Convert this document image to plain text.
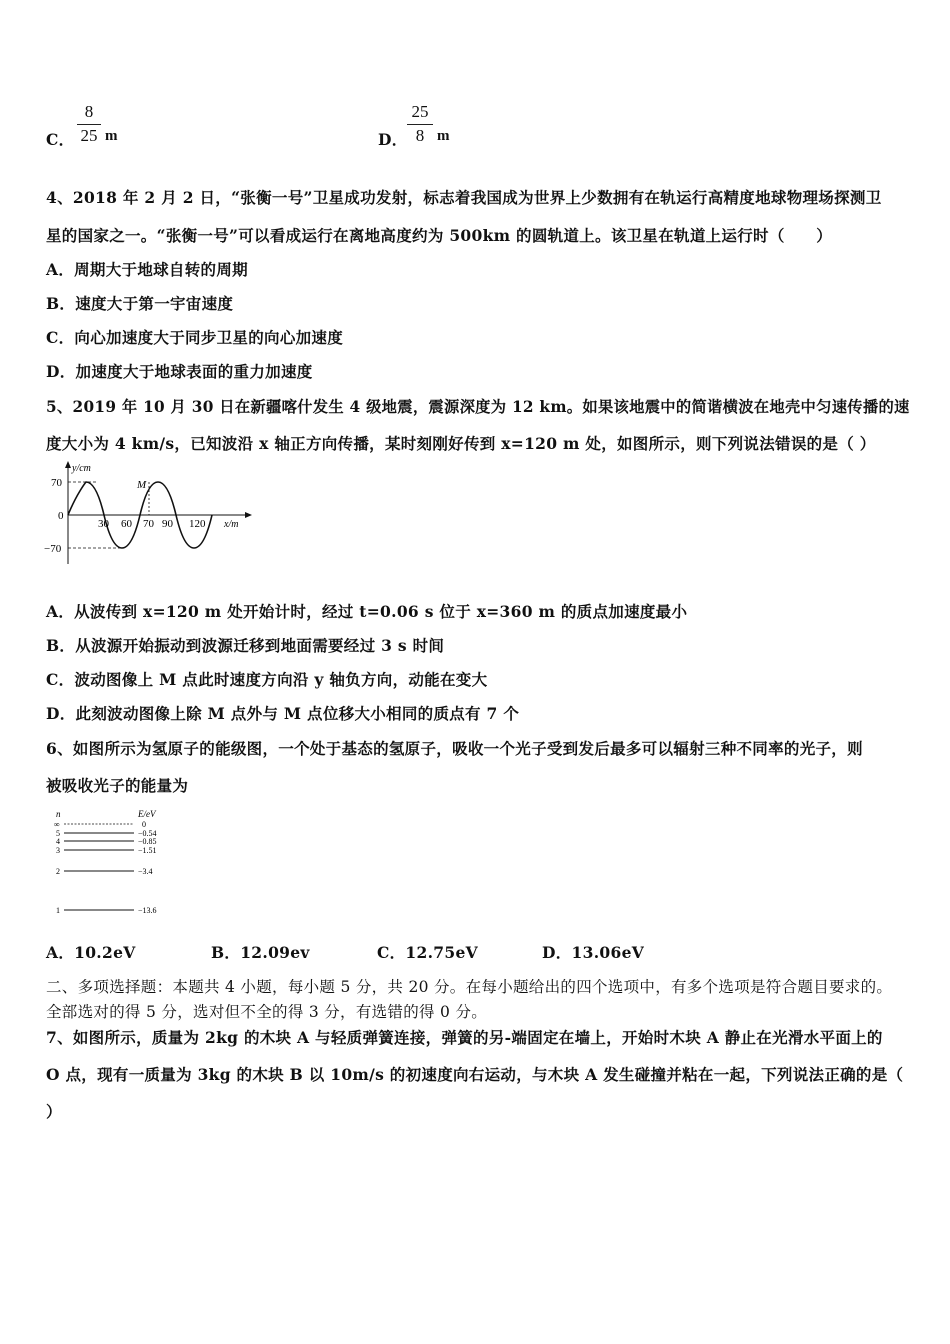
C．
8
25 m	D．
25
8 m
4、2018 年 2 月 2 日，“张衡一号”卫星成功发射，标志着我国成为世界上少数拥有在轨运行高精度地球物理场探测卫
星的国家之一。“张衡一号”可以看成运行在离地高度约为 500km 的圆轨道上。该卫星在轨道上运行时（　　）
A．周期大于地球自转的周期
B．速度大于第一宇宙速度
C．向心加速度大于同步卫星的向心加速度
D．加速度大于地球表面的重力加速度
5、2019 年 10 月 30 日在新疆喀什发生 4 级地震，震源深度为 12 km。如果该地震中的简谐横波在地壳中匀速传播的速
度大小为 4 km/s，已知波沿 x 轴正方向传播，某时刻刚好传到 x=120 m 处，如图所示，则下列说法错误的是（ ）
y/cm
70
0
−70
30 60 70 90 120 x/m
M
A．从波传到 x=120 m 处开始计时，经过 t=0.06 s 位于 x=360 m 的质点加速度最小
B．从波源开始振动到波源迁移到地面需要经过 3 s 时间
C．波动图像上 M 点此时速度方向沿 y 轴负方向，动能在变大
D．此刻波动图像上除 M 点外与 M 点位移大小相同的质点有 7 个
6、如图所示为氢原子的能级图，一个处于基态的氢原子，吸收一个光子受到发后最多可以辐射三种不同率的光子，则
被吸收光子的能量为
n	E/eV
∞	0
5	−0.54
4	−0.85
3	−1.51
2	−3.4
1	−13.6
A．10.2eV	B．12.09ev	C．12.75eV	D．13.06eV
二、多项选择题：本题共 4 小题，每小题 5 分，共 20 分。在每小题给出的四个选项中，有多个选项是符合题目要求的。
全部选对的得 5 分，选对但不全的得 3 分，有选错的得 0 分。
7、如图所示，质量为 2kg 的木块 A 与轻质弹簧连接，弹簧的另-端固定在墙上，开始时木块 A 静止在光滑水平面上的
O 点，现有一质量为 3kg 的木块 B 以 10m/s 的初速度向右运动，与木块 A 发生碰撞并粘在一起，下列说法正确的是（
）
